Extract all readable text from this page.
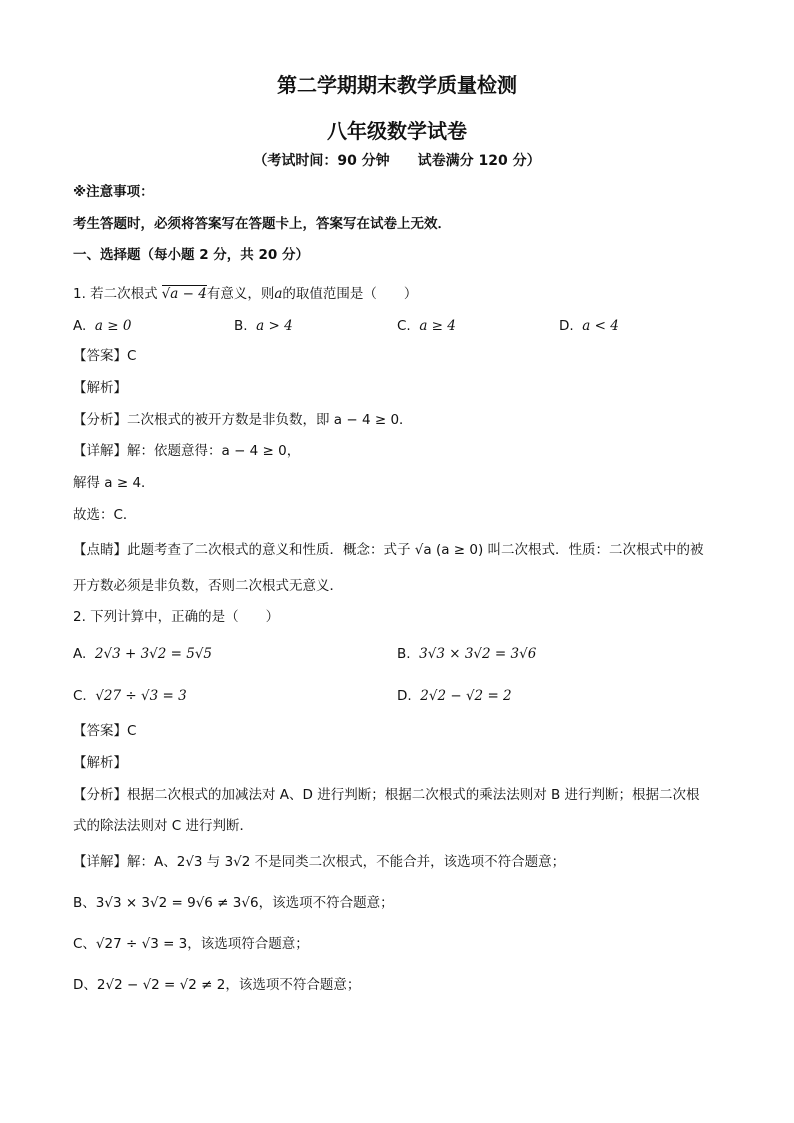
第二学期期末教学质量检测
八年级数学试卷
（考试时间：90 分钟　　试卷满分 120 分）
※注意事项：
考生答题时，必须将答案写在答题卡上，答案写在试卷上无效．
一、选择题（每小题 2 分，共 20 分）
1. 若二次根式 √a − 4有意义，则a的取值范围是（　　）
A. a ≥ 0	B. a > 4	C. a ≥ 4	D. a < 4
【答案】C
【解析】
【分析】二次根式的被开方数是非负数，即 a − 4 ≥ 0．
【详解】解：依题意得：a − 4 ≥ 0，
解得 a ≥ 4．
故选：C．
【点睛】此题考查了二次根式的意义和性质．概念：式子 √a (a ≥ 0) 叫二次根式．性质：二次根式中的被
开方数必须是非负数，否则二次根式无意义．
2. 下列计算中，正确的是（　　）
A. 2√3 + 3√2 = 5√5	B. 3√3 × 3√2 = 3√6
C. √27 ÷ √3 = 3	D. 2√2 − √2 = 2
【答案】C
【解析】
【分析】根据二次根式的加减法对 A、D 进行判断；根据二次根式的乘法法则对 B 进行判断；根据二次根
式的除法法则对 C 进行判断．
【详解】解：A、2√3 与 3√2 不是同类二次根式，不能合并，该选项不符合题意；
B、3√3 × 3√2 = 9√6 ≠ 3√6，该选项不符合题意；
C、√27 ÷ √3 = 3，该选项符合题意；
D、2√2 − √2 = √2 ≠ 2，该选项不符合题意；
